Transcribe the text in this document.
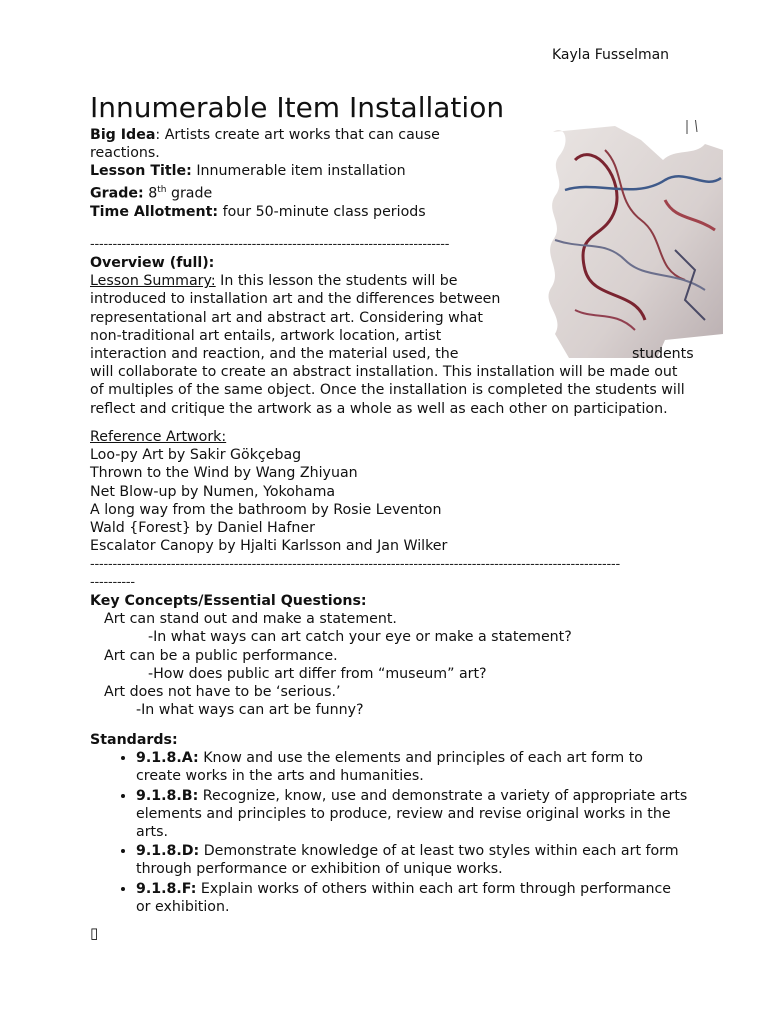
Kayla Fusselman
Innumerable Item Installation
Big Idea: Artists create art works that can cause
reactions.
Lesson Title: Innumerable item installation
Grade: 8th grade
Time Allotment: four 50-minute class periods
--------------------------------------------------------------------------------
Overview (full):
Lesson Summary: In this lesson the students will be
introduced to installation art and the differences between
representational art and abstract art. Considering what
non-traditional art entails, artwork location, artist
interaction and reaction, and the material used, the	students
will collaborate to create an abstract installation. This installation will be made out
of multiples of the same object. Once the installation is completed the students will
reflect and critique the artwork as a whole as well as each other on participation.
Reference Artwork:
Loo-py Art by Sakir Gökçebag
Thrown to the Wind by Wang Zhiyuan
Net Blow-up by Numen, Yokohama
A long way from the bathroom by Rosie Leventon
Wald {Forest} by Daniel Hafner
Escalator Canopy by Hjalti Karlsson and Jan Wilker
----------------------------------------------------------------------------------------------------------------------
----------
Key Concepts/Essential Questions:
Art can stand out and make a statement.
-In what ways can art catch your eye or make a statement?
Art can be a public performance.
-How does public art differ from “museum” art?
Art does not have to be ‘serious.’
-In what ways can art be funny?
Standards:
• 9.1.8.A: Know and use the elements and principles of each art form to
create works in the arts and humanities.
• 9.1.8.B: Recognize, know, use and demonstrate a variety of appropriate arts
elements and principles to produce, review and revise original works in the
arts.
• 9.1.8.D: Demonstrate knowledge of at least two styles within each art form
through performance or exhibition of unique works.
• 9.1.8.F: Explain works of others within each art form through performance
or exhibition.
▯
